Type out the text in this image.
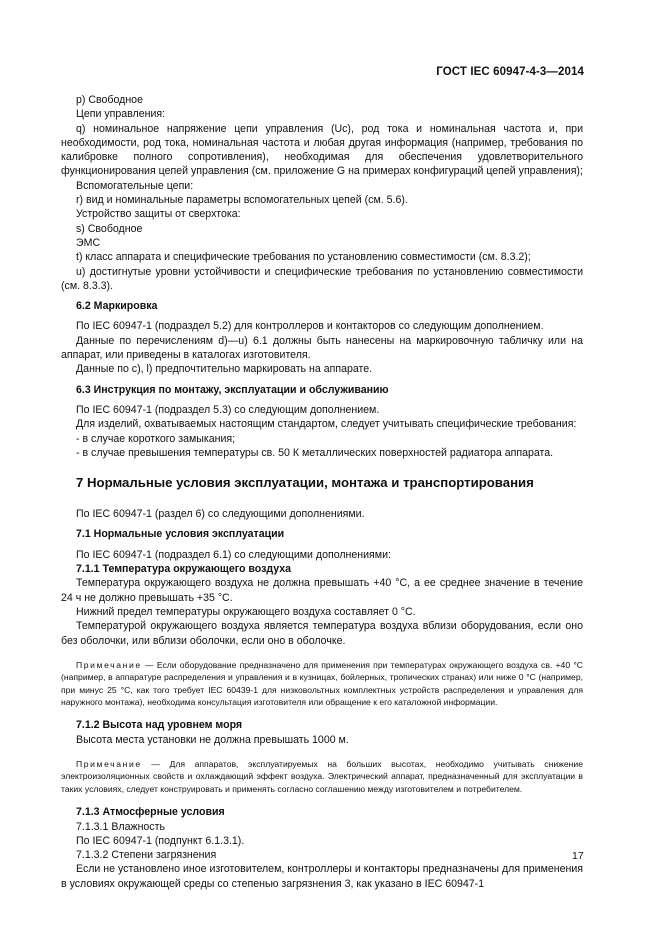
ГОСТ IEC 60947-4-3—2014

p) Свободное

Цепи управления:

q) номинальное напряжение цепи управления (Uc), род тока и номинальная частота и, при необходимости, род тока, номинальная частота и любая другая информация (например, требования по калибровке полного сопротивления), необходимая для обеспечения удовлетворительного функционирования цепей управления (см. приложение G на примерах конфигураций цепей управления);

Вспомогательные цепи:

r) вид и номинальные параметры вспомогательных цепей (см. 5.6).

Устройство защиты от сверхтока:

s) Свободное

ЭМС

t) класс аппарата и специфические требования по установлению совместимости (см. 8.3.2);

u) достигнутые уровни устойчивости и специфические требования по установлению совместимости (см. 8.3.3).

6.2 Маркировка

По IEC 60947-1 (подраздел 5.2) для контроллеров и контакторов со следующим дополнением.

Данные по перечислениям d)—u) 6.1 должны быть нанесены на маркировочную табличку или на аппарат, или приведены в каталогах изготовителя.

Данные по с), l) предпочтительно маркировать на аппарате.

6.3 Инструкция по монтажу, эксплуатации и обслуживанию

По IEC 60947-1 (подраздел 5.3) со следующим дополнением.

Для изделий, охватываемых настоящим стандартом, следует учитывать специфические требования:

- в случае короткого замыкания;

- в случае превышения температуры св. 50 К металлических поверхностей радиатора аппарата.

7 Нормальные условия эксплуатации, монтажа и транспортирования

По IEC 60947-1 (раздел 6) со следующими дополнениями.

7.1 Нормальные условия эксплуатации

По IEC 60947-1 (подраздел 6.1) со следующими дополнениями:

7.1.1 Температура окружающего воздуха

Температура окружающего воздуха не должна превышать +40 °С, а ее среднее значение в течение 24 ч не должно превышать +35 °С.

Нижний предел температуры окружающего воздуха составляет 0 °С.

Температурой окружающего воздуха является температура воздуха вблизи оборудования, если оно без оболочки, или вблизи оболочки, если оно в оболочке.

Примечание — Если оборудование предназначено для применения при температурах окружающего воздуха св. +40 °С (например, в аппаратуре распределения и управления и в кузницах, бойлерных, тропических странах) или ниже 0 °С (например, при минус 25 °С, как того требует IEC 60439-1 для низковольтных комплектных устройств распределения и управления для наружного монтажа), необходима консультация изготовителя или обращение к его каталожной информации.

7.1.2 Высота над уровнем моря

Высота места установки не должна превышать 1000 м.

Примечание — Для аппаратов, эксплуатируемых на больших высотах, необходимо учитывать снижение электроизоляционных свойств и охлаждающий эффект воздуха. Электрический аппарат, предназначенный для эксплуатации в таких условиях, следует конструировать и применять согласно соглашению между изготовителем и потребителем.

7.1.3 Атмосферные условия

7.1.3.1 Влажность

По IEC 60947-1 (подпункт 6.1.3.1).

7.1.3.2 Степени загрязнения

Если не установлено иное изготовителем, контроллеры и контакторы предназначены для применения в условиях окружающей среды со степенью загрязнения 3, как указано в IEC 60947-1

17
